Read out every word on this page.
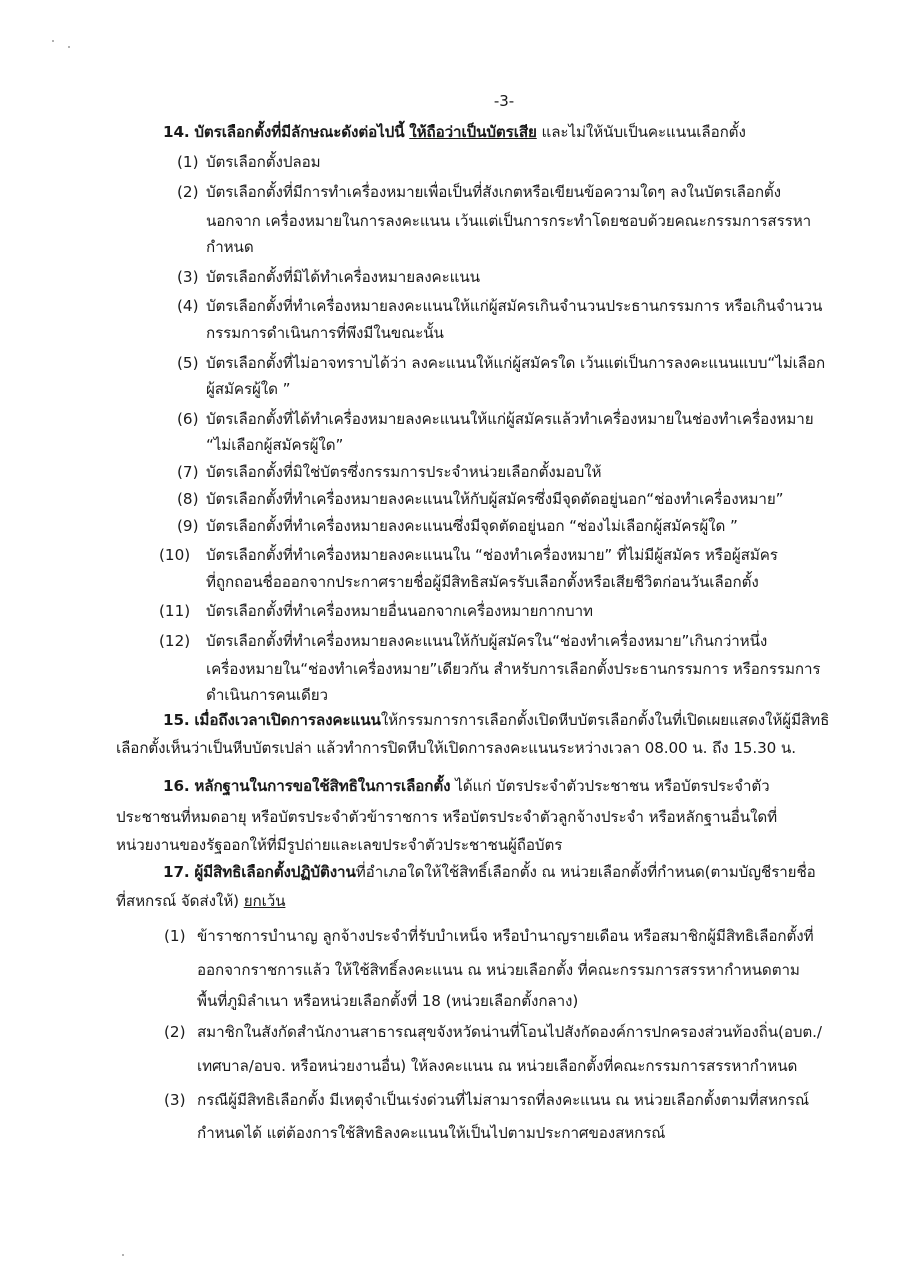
-3-
14. บัตรเลือกตั้งที่มีลักษณะดังต่อไปนี้ ให้ถือว่าเป็นบัตรเสีย และไม่ให้นับเป็นคะแนนเลือกตั้ง
(1) บัตรเลือกตั้งปลอม
(2) บัตรเลือกตั้งที่มีการทำเครื่องหมายเพื่อเป็นที่สังเกตหรือเขียนข้อความใดๆ ลงในบัตรเลือกตั้ง
นอกจาก เครื่องหมายในการลงคะแนน เว้นแต่เป็นการกระทำโดยชอบด้วยคณะกรรมการสรรหา
กำหนด
(3) บัตรเลือกตั้งที่มิได้ทำเครื่องหมายลงคะแนน
(4) บัตรเลือกตั้งที่ทำเครื่องหมายลงคะแนนให้แก่ผู้สมัครเกินจำนวนประธานกรรมการ หรือเกินจำนวน
กรรมการดำเนินการที่พึงมีในขณะนั้น
(5) บัตรเลือกตั้งที่ไม่อาจทราบได้ว่า ลงคะแนนให้แก่ผู้สมัครใด เว้นแต่เป็นการลงคะแนนแบบ“ไม่เลือก
ผู้สมัครผู้ใด ”
(6) บัตรเลือกตั้งที่ได้ทำเครื่องหมายลงคะแนนให้แก่ผู้สมัครแล้วทำเครื่องหมายในช่องทำเครื่องหมาย
“ไม่เลือกผู้สมัครผู้ใด”
(7) บัตรเลือกตั้งที่มิใช่บัตรซึ่งกรรมการประจำหน่วยเลือกตั้งมอบให้
(8) บัตรเลือกตั้งที่ทำเครื่องหมายลงคะแนนให้กับผู้สมัครซึ่งมีจุดตัดอยู่นอก“ช่องทำเครื่องหมาย”
(9) บัตรเลือกตั้งที่ทำเครื่องหมายลงคะแนนซึ่งมีจุดตัดอยู่นอก “ช่องไม่เลือกผู้สมัครผู้ใด ”
(10) บัตรเลือกตั้งที่ทำเครื่องหมายลงคะแนนใน “ช่องทำเครื่องหมาย” ที่ไม่มีผู้สมัคร หรือผู้สมัคร
ที่ถูกถอนชื่อออกจากประกาศรายชื่อผู้มีสิทธิสมัครรับเลือกตั้งหรือเสียชีวิตก่อนวันเลือกตั้ง
(11) บัตรเลือกตั้งที่ทำเครื่องหมายอื่นนอกจากเครื่องหมายกากบาท
(12) บัตรเลือกตั้งที่ทำเครื่องหมายลงคะแนนให้กับผู้สมัครใน“ช่องทำเครื่องหมาย”เกินกว่าหนึ่ง
เครื่องหมายใน“ช่องทำเครื่องหมาย”เดียวกัน สำหรับการเลือกตั้งประธานกรรมการ หรือกรรมการ
ดำเนินการคนเดียว
15. เมื่อถึงเวลาเปิดการลงคะแนนให้กรรมการการเลือกตั้งเปิดหีบบัตรเลือกตั้งในที่เปิดเผยแสดงให้ผู้มีสิทธิ
เลือกตั้งเห็นว่าเป็นหีบบัตรเปล่า แล้วทำการปิดหีบให้เปิดการลงคะแนนระหว่างเวลา 08.00 น. ถึง 15.30 น.
16. หลักฐานในการขอใช้สิทธิในการเลือกตั้ง ได้แก่ บัตรประจำตัวประชาชน หรือบัตรประจำตัว
ประชาชนที่หมดอายุ หรือบัตรประจำตัวข้าราชการ หรือบัตรประจำตัวลูกจ้างประจำ หรือหลักฐานอื่นใดที่
หน่วยงานของรัฐออกให้ที่มีรูปถ่ายและเลขประจำตัวประชาชนผู้ถือบัตร
17. ผู้มีสิทธิเลือกตั้งปฏิบัติงานที่อำเภอใดให้ใช้สิทธิ์เลือกตั้ง ณ หน่วยเลือกตั้งที่กำหนด(ตามบัญชีรายชื่อ
ที่สหกรณ์ จัดส่งให้) ยกเว้น
(1) ข้าราชการบำนาญ ลูกจ้างประจำที่รับบำเหน็จ หรือบำนาญรายเดือน หรือสมาชิกผู้มีสิทธิเลือกตั้งที่
ออกจากราชการแล้ว ให้ใช้สิทธิ์ลงคะแนน ณ หน่วยเลือกตั้ง ที่คณะกรรมการสรรหากำหนดตาม
พื้นที่ภูมิลำเนา หรือหน่วยเลือกตั้งที่ 18 (หน่วยเลือกตั้งกลาง)
(2) สมาชิกในสังกัดสำนักงานสาธารณสุขจังหวัดน่านที่โอนไปสังกัดองค์การปกครองส่วนท้องถิ่น(อบต./
เทศบาล/อบจ. หรือหน่วยงานอื่น) ให้ลงคะแนน ณ หน่วยเลือกตั้งที่คณะกรรมการสรรหากำหนด
(3) กรณีผู้มีสิทธิเลือกตั้ง มีเหตุจำเป็นเร่งด่วนที่ไม่สามารถที่ลงคะแนน ณ หน่วยเลือกตั้งตามที่สหกรณ์
กำหนดได้ แต่ต้องการใช้สิทธิลงคะแนนให้เป็นไปตามประกาศของสหกรณ์
